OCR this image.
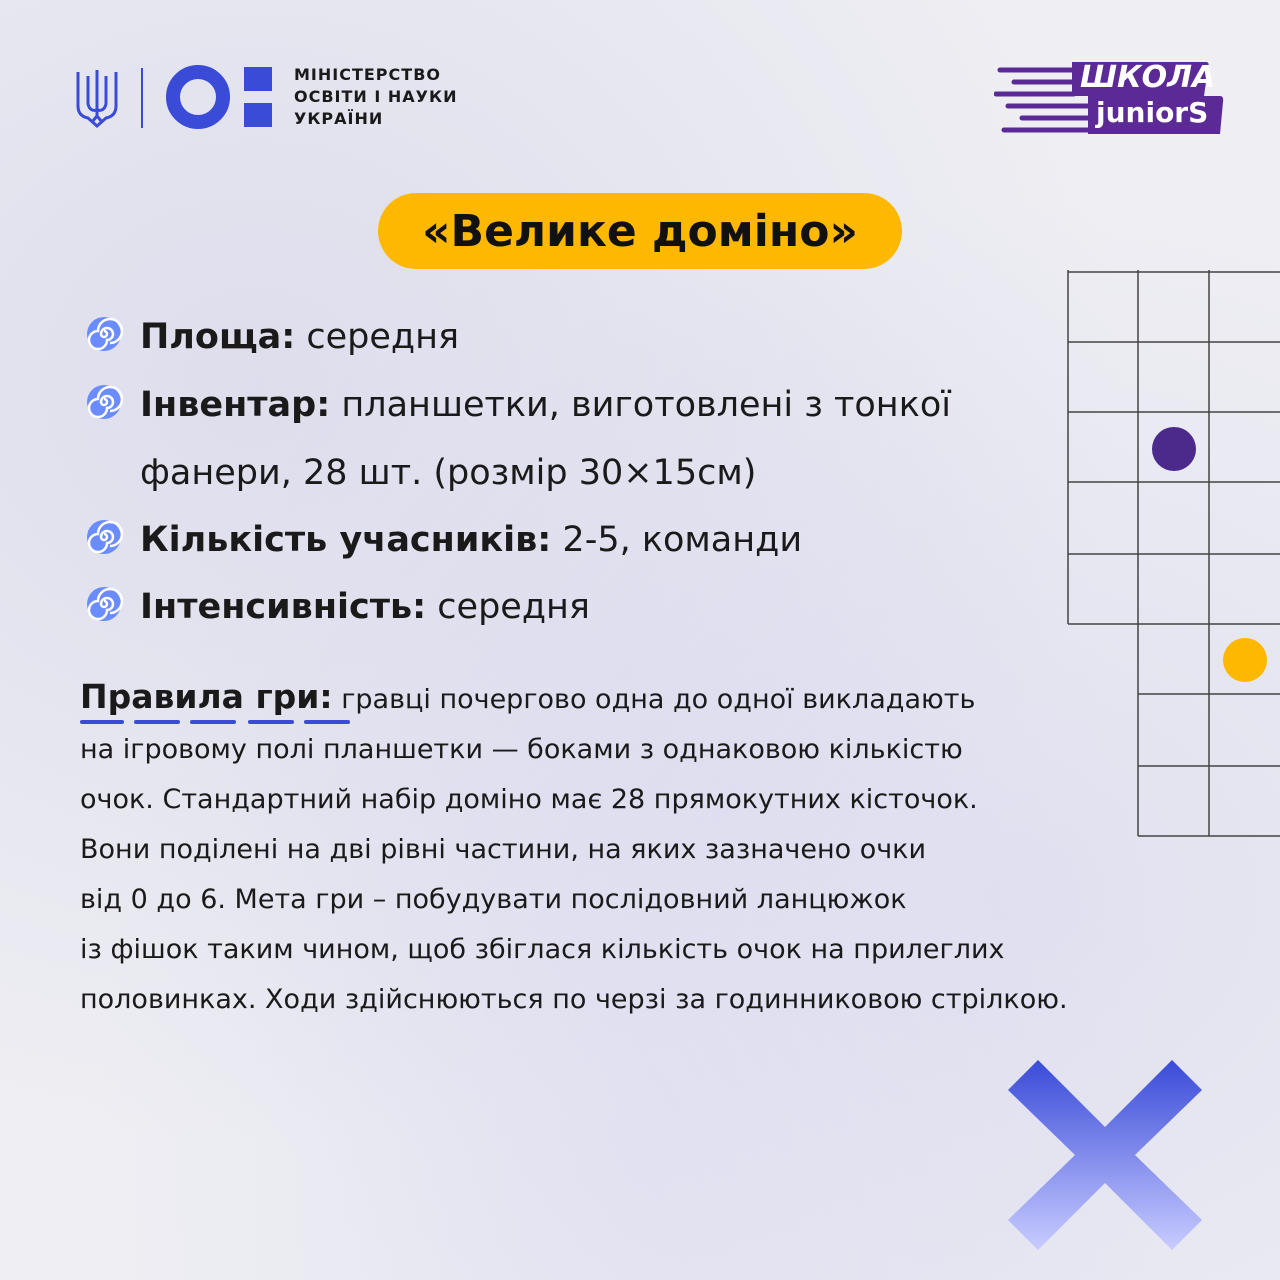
МІНІСТЕРСТВО
ОСВІТИ І НАУКИ
УКРАЇНИ
ШКОЛА
juniorS
«Велике доміно»
Площа: середня
Інвентар: планшетки, виготовлені з тонкої
фанери, 28 шт. (розмір 30×15см)
Кількість учасників: 2-5, команди
Інтенсивність: середня
Правила гри: гравці почергово одна до одної викладають
на ігровому полі планшетки — боками з однаковою кількістю
очок. Стандартний набір доміно має 28 прямокутних кісточок.
Вони поділені на дві рівні частини, на яких зазначено очки
від 0 до 6. Мета гри – побудувати послідовний ланцюжок
із фішок таким чином, щоб збіглася кількість очок на прилеглих
половинках. Ходи здійснюються по черзі за годинниковою стрілкою.
